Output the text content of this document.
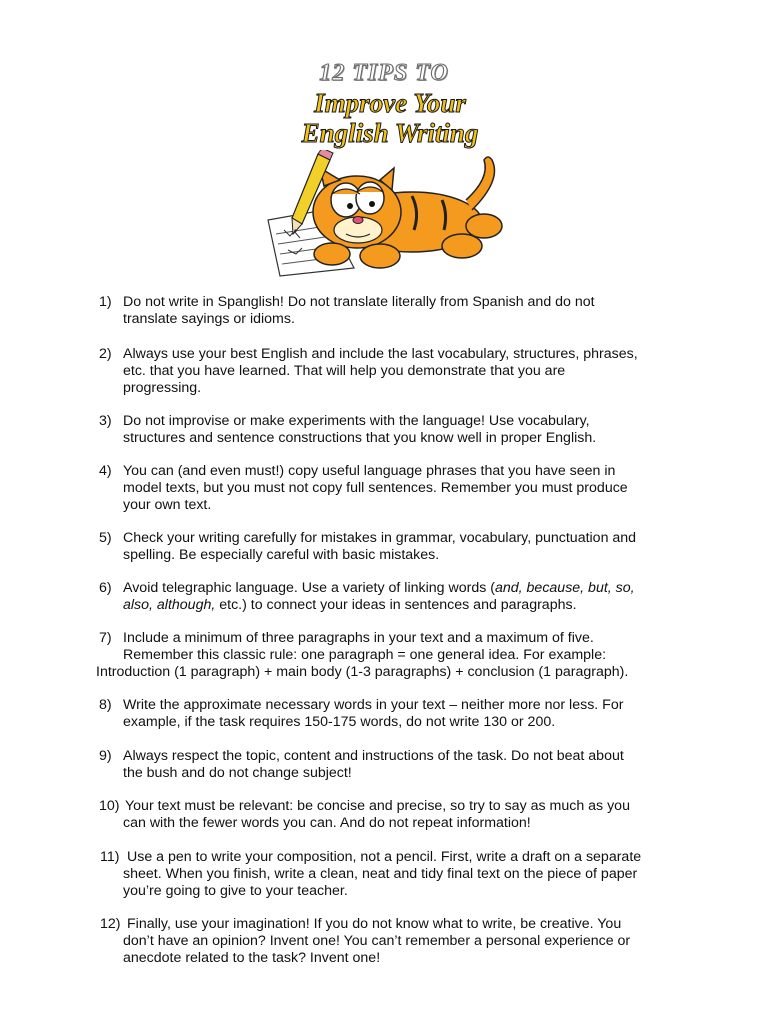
12 TIPS TO
Improve Your
English Writing
1) Do not write in Spanglish! Do not translate literally from Spanish and do not
translate sayings or idioms.
2) Always use your best English and include the last vocabulary, structures, phrases,
etc. that you have learned. That will help you demonstrate that you are
progressing.
3) Do not improvise or make experiments with the language! Use vocabulary,
structures and sentence constructions that you know well in proper English.
4) You can (and even must!) copy useful language phrases that you have seen in
model texts, but you must not copy full sentences. Remember you must produce
your own text.
5) Check your writing carefully for mistakes in grammar, vocabulary, punctuation and
spelling. Be especially careful with basic mistakes.
6) Avoid telegraphic language. Use a variety of linking words (and, because, but, so,
also, although, etc.) to connect your ideas in sentences and paragraphs.
7) Include a minimum of three paragraphs in your text and a maximum of five.
Remember this classic rule: one paragraph = one general idea. For example:
Introduction (1 paragraph) + main body (1-3 paragraphs) + conclusion (1 paragraph).
8) Write the approximate necessary words in your text – neither more nor less. For
example, if the task requires 150-175 words, do not write 130 or 200.
9) Always respect the topic, content and instructions of the task. Do not beat about
the bush and do not change subject!
10) Your text must be relevant: be concise and precise, so try to say as much as you
can with the fewer words you can. And do not repeat information!
11) Use a pen to write your composition, not a pencil. First, write a draft on a separate
sheet. When you finish, write a clean, neat and tidy final text on the piece of paper
you’re going to give to your teacher.
12) Finally, use your imagination! If you do not know what to write, be creative. You
don’t have an opinion? Invent one! You can’t remember a personal experience or
anecdote related to the task? Invent one!
